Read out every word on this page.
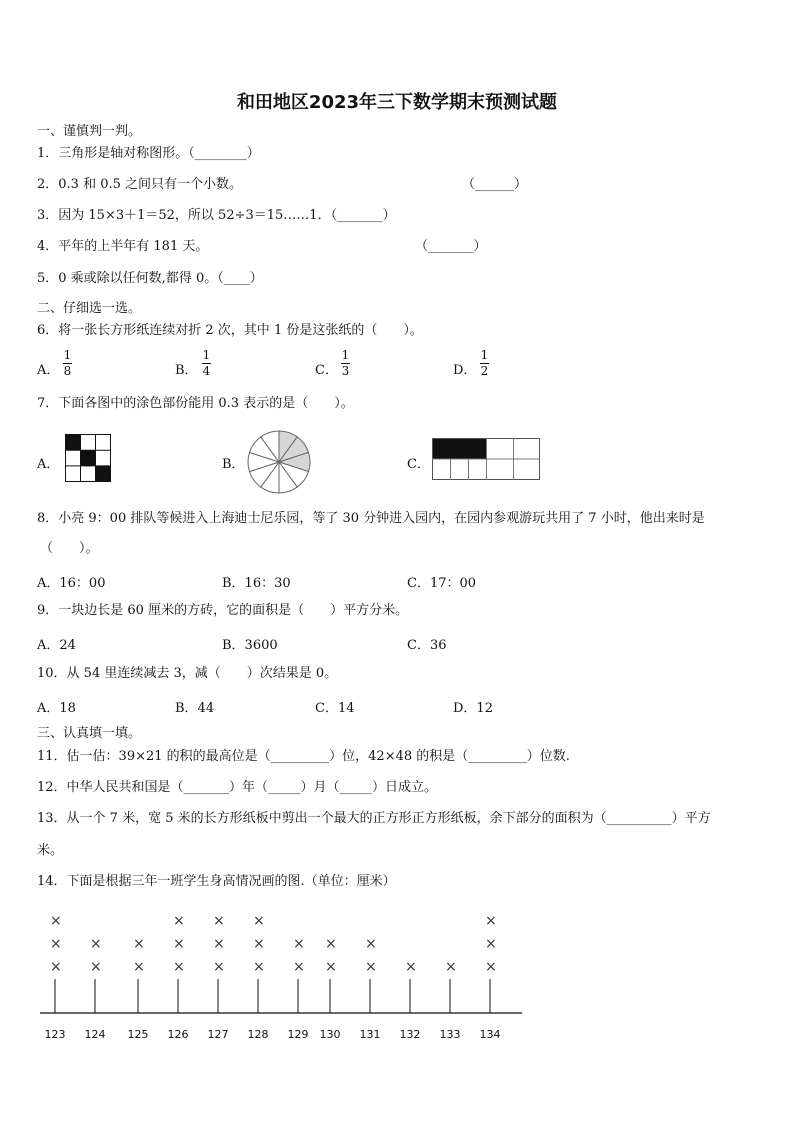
和田地区2023年三下数学期末预测试题
一、谨慎判一判。
1．三角形是轴对称图形。（________）
2．0.3 和 0.5 之间只有一个小数。	（______）
3．因为 15×3＋1＝52，所以 52÷3＝15……1．（_______）
4．平年的上半年有 181 天。	（_______）
5．0 乘或除以任何数,都得 0。（____）
二、仔细选一选。
6．将一张长方形纸连续对折 2 次，其中 1 份是这张纸的（　　）。
A．
1
8	B．
1
4	C．
1
3	D．
1
2
7．下面各图中的涂色部份能用 0.3 表示的是（　　）。
A．	B．	C．
8．小亮 9：00 排队等候进入上海迪士尼乐园，等了 30 分钟进入园内，在园内参观游玩共用了 7 小时，他出来时是
（　　）。
A．16：00	B．16：30	C．17：00
9．一块边长是 60 厘米的方砖，它的面积是（　　）平方分米。
A．24	B．3600	C．36
10．从 54 里连续减去 3，减（　　）次结果是 0。
A．18	B．44	C．14	D．12
三、认真填一填。
11．估一估：39×21 的积的最高位是（_________）位，42×48 的积是（_________）位数.
12．中华人民共和国是（_______）年（_____）月（_____）日成立。
13．从一个 7 米，宽 5 米的长方形纸板中剪出一个最大的正方形正方形纸板，余下部分的面积为（__________）平方
米。
14．下面是根据三年一班学生身高情况画的图.（单位：厘米）
123
×
×
×
124
×
×
125
×
×
126
×
×
×
127
×
×
×
128
×
×
×
129
×
×
130
×
×
131
×
×
132
×
133
×
134
×
×
×
